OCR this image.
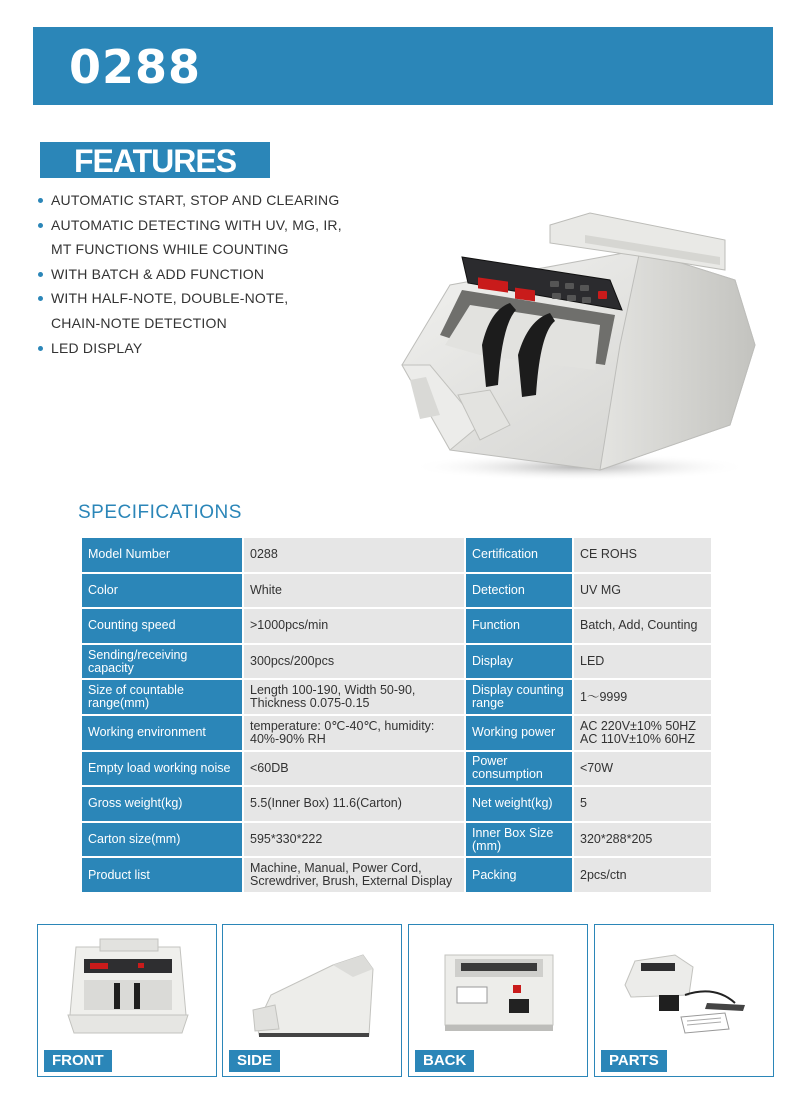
0288
FEATURES
AUTOMATIC START, STOP AND CLEARING
AUTOMATIC DETECTING WITH UV, MG, IR,
MT FUNCTIONS WHILE COUNTING
WITH BATCH & ADD FUNCTION
WITH HALF-NOTE, DOUBLE-NOTE,
CHAIN-NOTE DETECTION
LED DISPLAY
SPECIFICATIONS
Model Number	0288	Certification	CE ROHS
Color	White	Detection	UV MG
Counting speed	>1000pcs/min	Function	Batch, Add, Counting
Sending/receiving capacity	300pcs/200pcs	Display	LED
Size of countable range(mm)	Length 100-190, Width 50-90, Thickness 0.075-0.15	Display counting range	1～9999
Working environment	temperature: 0℃-40℃, humidity: 40%-90% RH	Working power	AC 220V±10% 50HZ AC 110V±10% 60HZ
Empty load working noise	<60DB	Power consumption	<70W
Gross weight(kg)	5.5(Inner Box) 11.6(Carton)	Net weight(kg)	5
Carton size(mm)	595*330*222	Inner Box Size (mm)	320*288*205
Product list	Machine, Manual, Power Cord, Screwdriver, Brush, External Display	Packing	2pcs/ctn
FRONT	SIDE	BACK	PARTS
